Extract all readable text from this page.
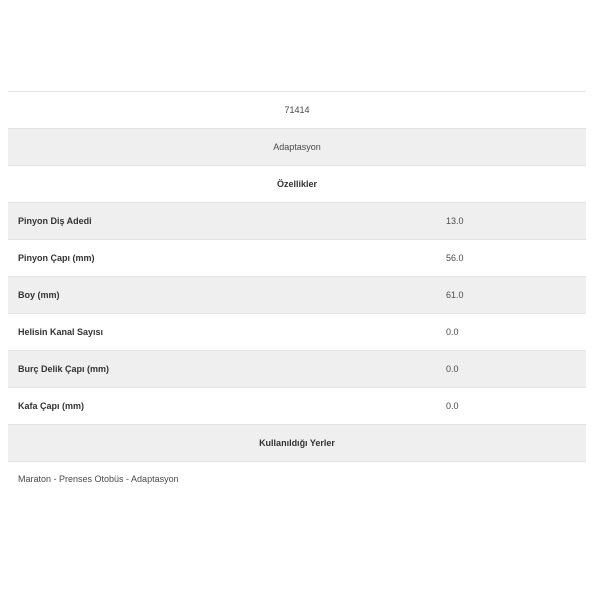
71414
Adaptasyon
Özellikler
Pinyon Diş Adedi	13.0
Pinyon Çapı (mm)	56.0
Boy (mm)	61.0
Helisin Kanal Sayısı	0.0
Burç Delik Çapı (mm)	0.0
Kafa Çapı (mm)	0.0
Kullanıldığı Yerler
Maraton - Prenses Otobüs - Adaptasyon
